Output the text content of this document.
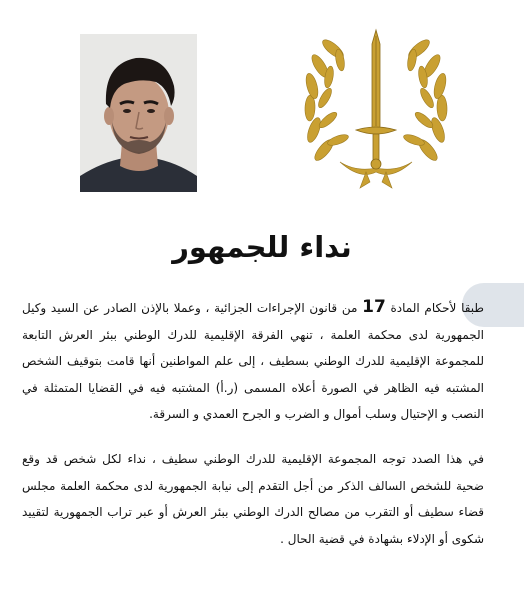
نداء للجمهور
طبقا لأحكام المادة 17 من قانون الإجراءات الجزائية ، وعملا بالإذن الصادر عن السيد وكيل الجمهورية لدى محكمة العلمة ، تنهي الفرقة الإقليمية للدرك الوطني ببئر العرش التابعة للمجموعة الإقليمية للدرك الوطني بسطيف ، إلى علم المواطنين أنها قامت بتوقيف الشخص المشتبه فيه الظاهر في الصورة أعلاه المسمى (ر.أ) المشتبه فيه في القضايا المتمثلة في النصب و الإحتيال وسلب أموال و الضرب و الجرح العمدي و السرقة.
في هذا الصدد توجه المجموعة الإقليمية للدرك الوطني سطيف ، نداء لكل شخص قد وقع ضحية للشخص السالف الذكر من أجل التقدم إلى نيابة الجمهورية لدى محكمة العلمة مجلس قضاء سطيف أو التقرب من مصالح الدرك الوطني ببئر العرش أو عبر تراب الجمهورية لتقييد شكوى أو الإدلاء بشهادة في قضية الحال .
